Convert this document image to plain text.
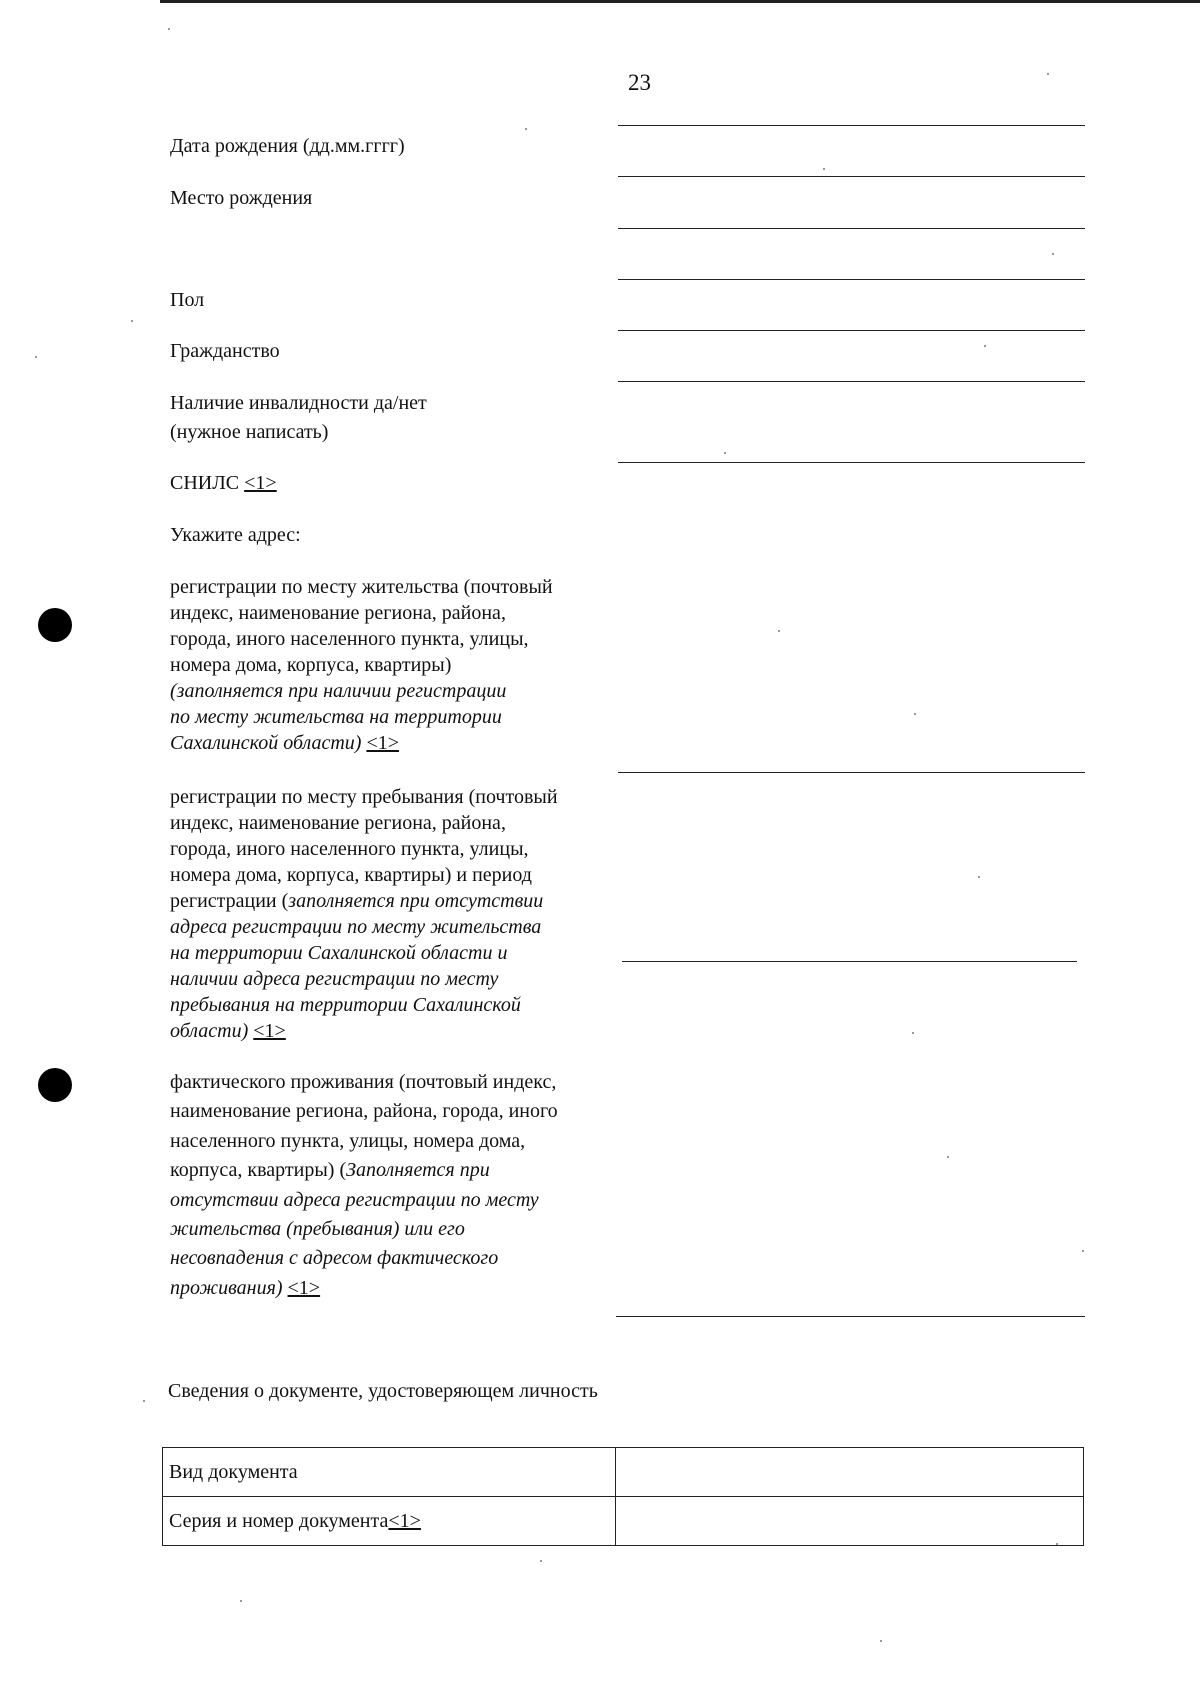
23
Дата рождения (дд.мм.гггг)
Место рождения
Пол
Гражданство
Наличие инвалидности да/нет
(нужное написать)
СНИЛС <1>
Укажите адрес:
регистрации по месту жительства (почтовый
индекс, наименование региона, района,
города, иного населенного пункта, улицы,
номера дома, корпуса, квартиры)
(заполняется при наличии регистрации
по месту жительства на территории
Сахалинской области) <1>
регистрации по месту пребывания (почтовый
индекс, наименование региона, района,
города, иного населенного пункта, улицы,
номера дома, корпуса, квартиры) и период
регистрации (заполняется при отсутствии
адреса регистрации по месту жительства
на территории Сахалинской области и
наличии адреса регистрации по месту
пребывания на территории Сахалинской
области) <1>
фактического проживания (почтовый индекс,
наименование региона, района, города, иного
населенного пункта, улицы, номера дома,
корпуса, квартиры) (Заполняется при
отсутствии адреса регистрации по месту
жительства (пребывания) или его
несовпадения с адресом фактического
проживания) <1>
Сведения о документе, удостоверяющем личность
Вид документа	
Серия и номер документа<1>	
